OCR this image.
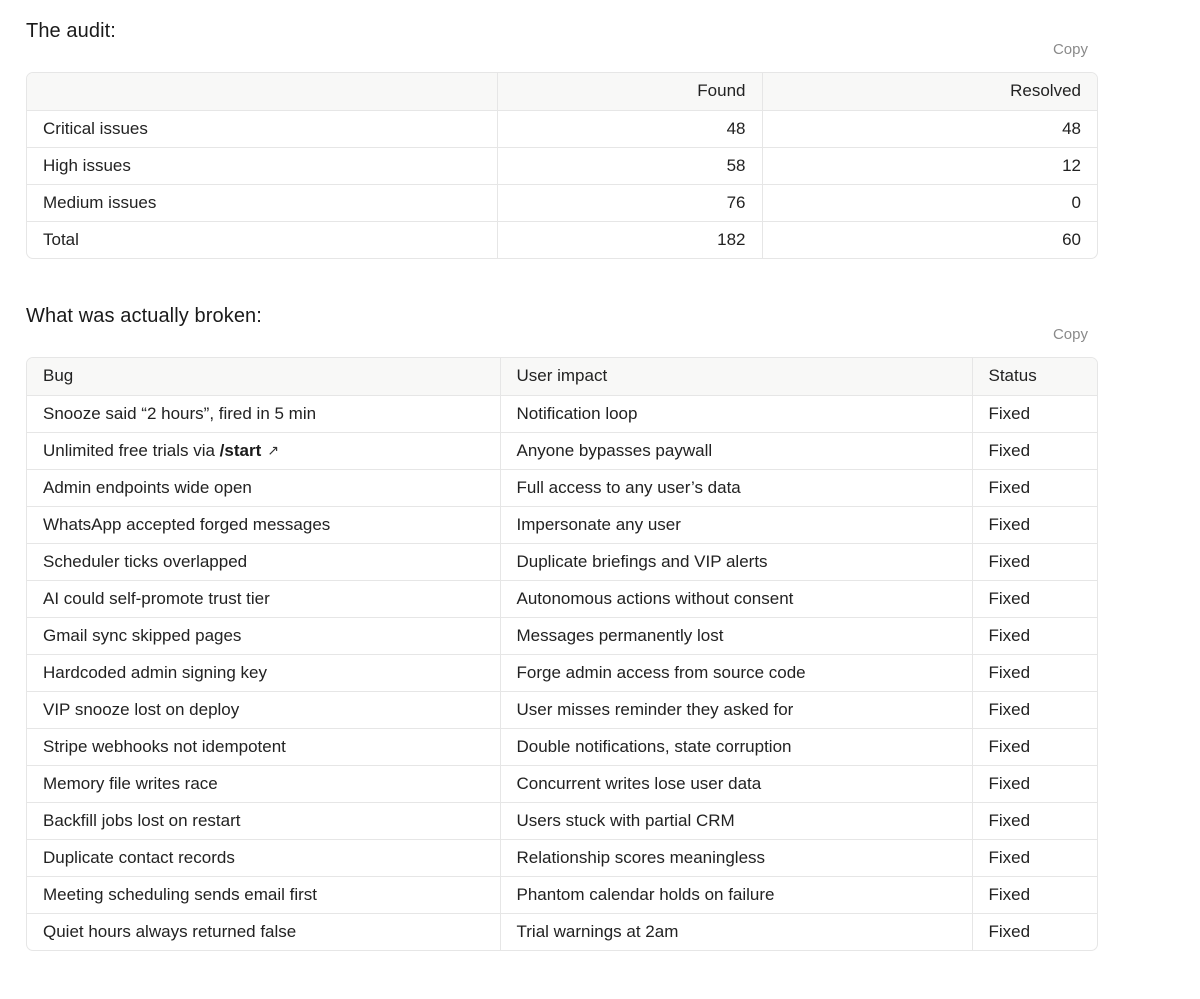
The audit:
Copy
	Found	Resolved
Critical issues	48	48
High issues	58	12
Medium issues	76	0
Total	182	60
What was actually broken:
Copy
Bug	User impact	Status
Snooze said “2 hours”, fired in 5 min	Notification loop	Fixed
Unlimited free trials via /start ↗	Anyone bypasses paywall	Fixed
Admin endpoints wide open	Full access to any user’s data	Fixed
WhatsApp accepted forged messages	Impersonate any user	Fixed
Scheduler ticks overlapped	Duplicate briefings and VIP alerts	Fixed
AI could self-promote trust tier	Autonomous actions without consent	Fixed
Gmail sync skipped pages	Messages permanently lost	Fixed
Hardcoded admin signing key	Forge admin access from source code	Fixed
VIP snooze lost on deploy	User misses reminder they asked for	Fixed
Stripe webhooks not idempotent	Double notifications, state corruption	Fixed
Memory file writes race	Concurrent writes lose user data	Fixed
Backfill jobs lost on restart	Users stuck with partial CRM	Fixed
Duplicate contact records	Relationship scores meaningless	Fixed
Meeting scheduling sends email first	Phantom calendar holds on failure	Fixed
Quiet hours always returned false	Trial warnings at 2am	Fixed
